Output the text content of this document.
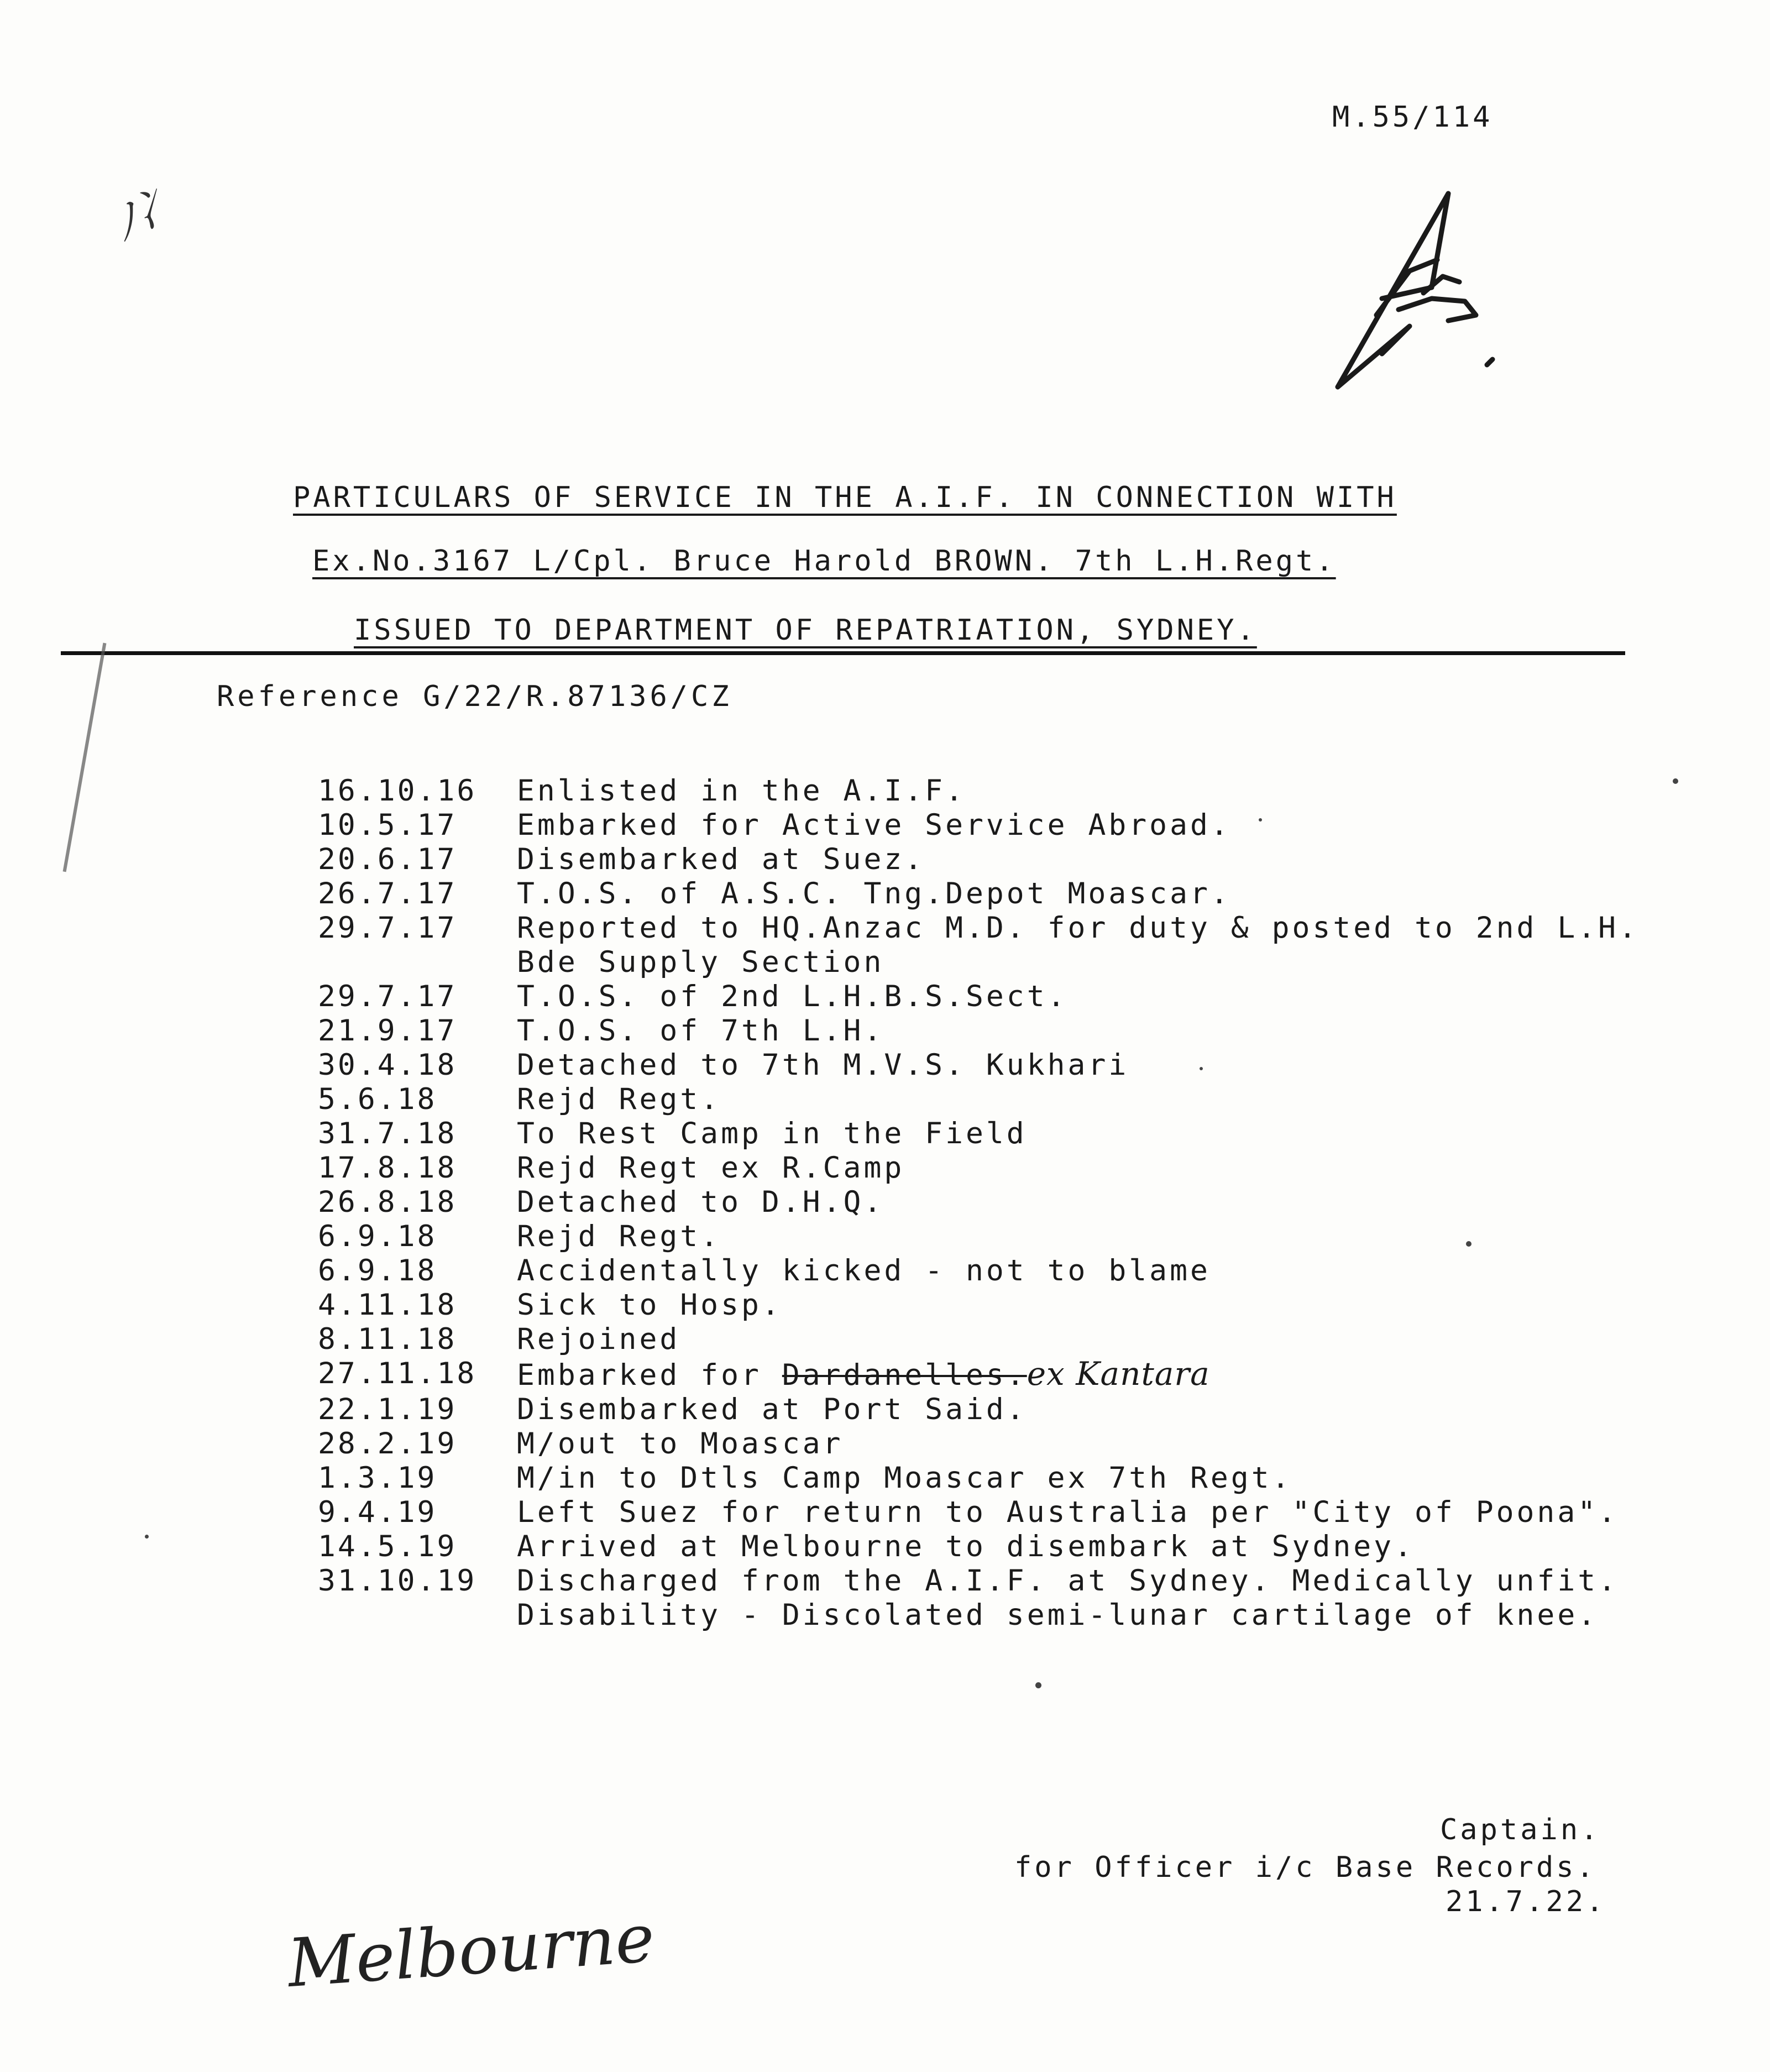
M.55/114
ﾉ冫
PARTICULARS OF SERVICE IN THE A.I.F. IN CONNECTION WITH
Ex.No.3167 L/Cpl. Bruce Harold BROWN. 7th L.H.Regt.
ISSUED TO DEPARTMENT OF REPATRIATION, SYDNEY.
Reference G/22/R.87136/CZ
16.10.16	Enlisted in the A.I.F.
10.5.17	Embarked for Active Service Abroad.
20.6.17	Disembarked at Suez.
26.7.17	T.O.S. of A.S.C. Tng.Depot Moascar.
29.7.17	Reported to HQ.Anzac M.D. for duty & posted to 2nd L.H.
Bde Supply Section
29.7.17	T.O.S. of 2nd L.H.B.S.Sect.
21.9.17	T.O.S. of 7th L.H.
30.4.18	Detached to 7th M.V.S. Kukhari
5.6.18	Rejd Regt.
31.7.18	To Rest Camp in the Field
17.8.18	Rejd Regt ex R.Camp
26.8.18	Detached to D.H.Q.
6.9.18	Rejd Regt.
6.9.18	Accidentally kicked - not to blame
4.11.18	Sick to Hosp.
8.11.18	Rejoined
27.11.18	Embarked for Dardanelles.ex Kantara
22.1.19	Disembarked at Port Said.
28.2.19	M/out to Moascar
1.3.19	M/in to Dtls Camp Moascar ex 7th Regt.
9.4.19	Left Suez for return to Australia per "City of Poona".
14.5.19	Arrived at Melbourne to disembark at Sydney.
31.10.19	Discharged from the A.I.F. at Sydney. Medically unfit.
Disability - Discolated semi-lunar cartilage of knee.
Captain.
for Officer i/c Base Records.
21.7.22.
Melbourne
